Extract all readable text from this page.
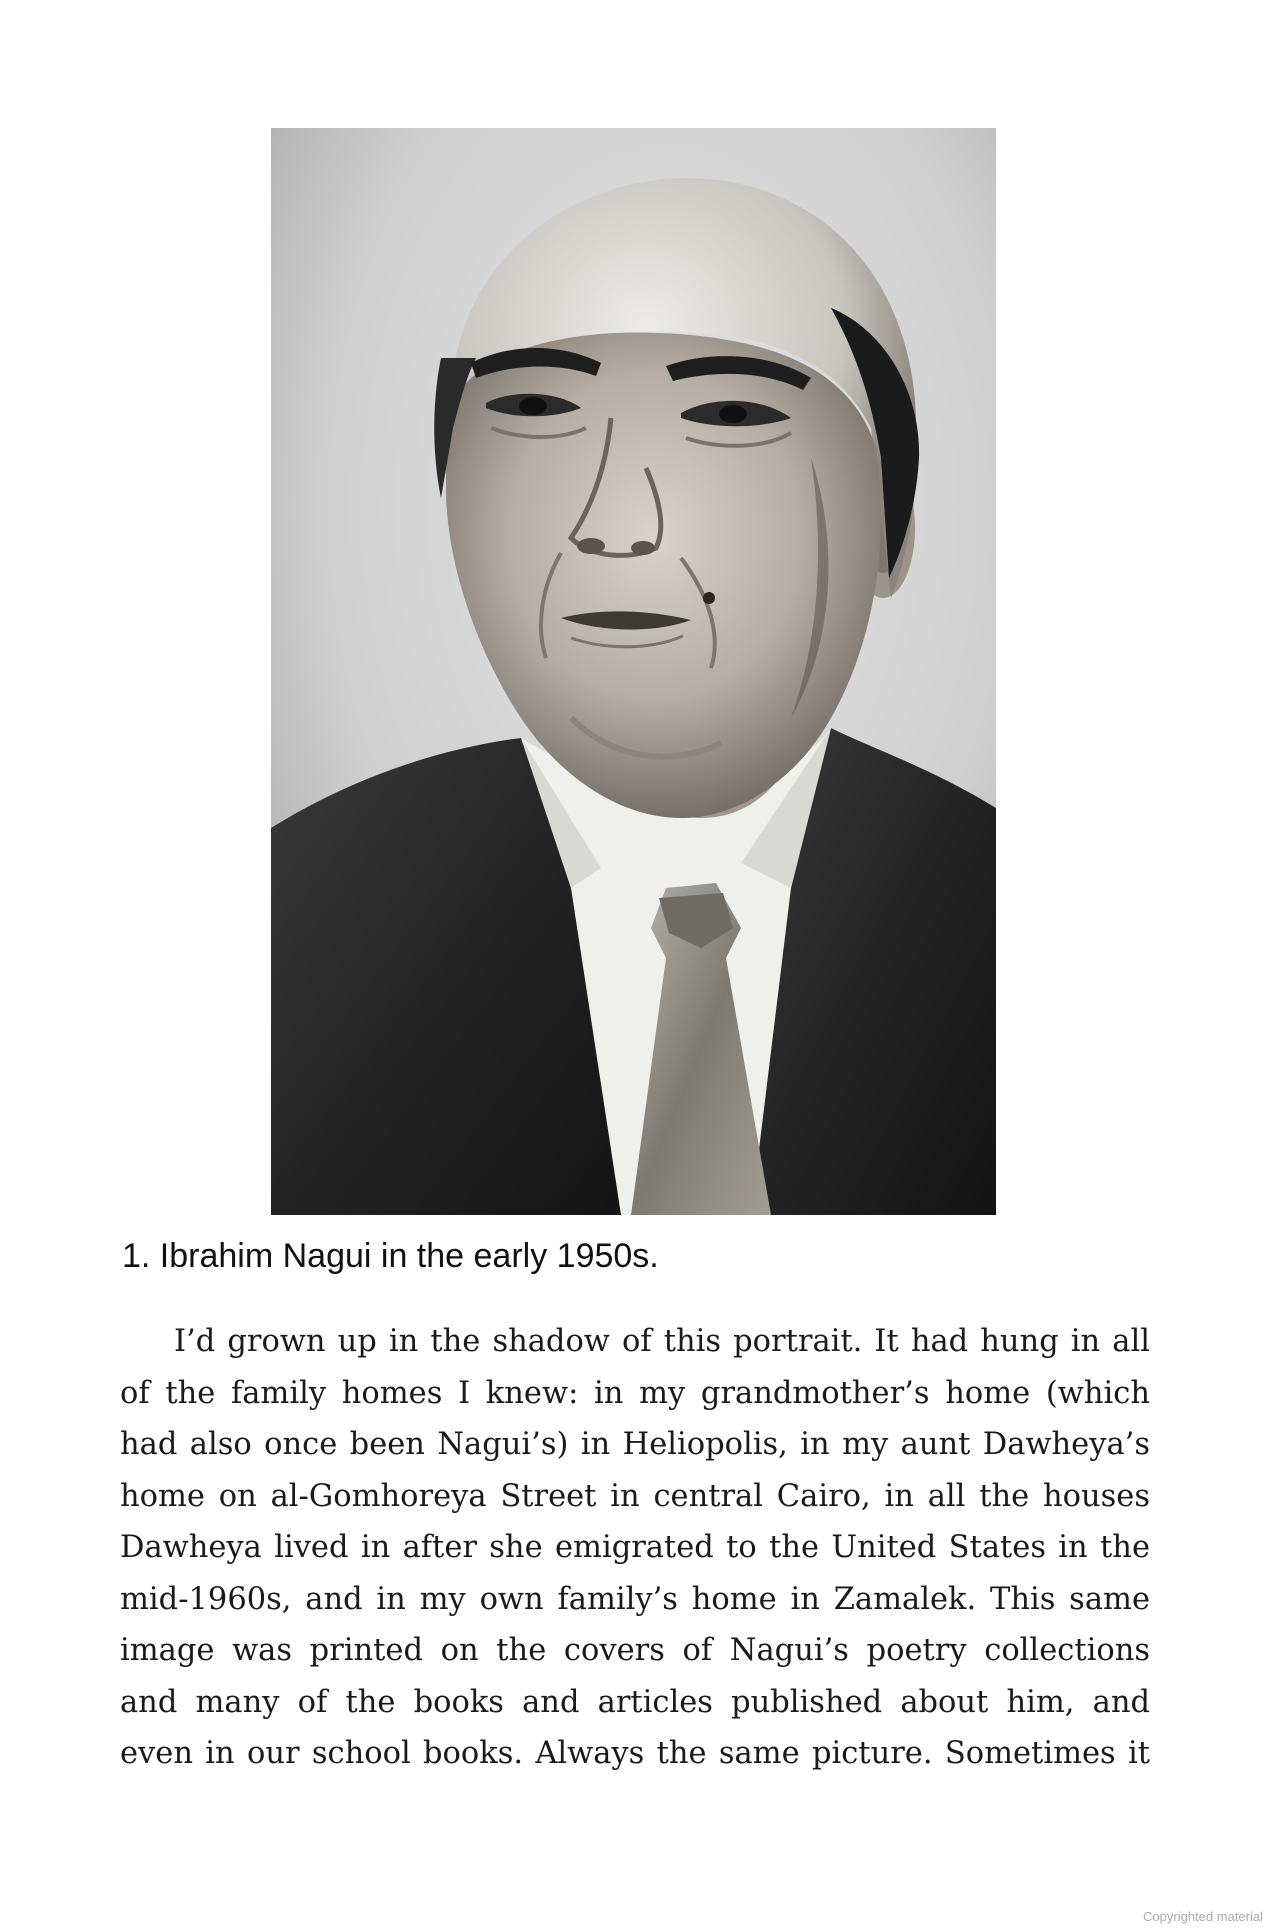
1. Ibrahim Nagui in the early 1950s.
I’d grown up in the shadow of this portrait. It had hung in all
of the family homes I knew: in my grandmother’s home (which
had also once been Nagui’s) in Heliopolis, in my aunt Dawheya’s
home on al-Gomhoreya Street in central Cairo, in all the houses
Dawheya lived in after she emigrated to the United States in the
mid-1960s, and in my own family’s home in Zamalek. This same
image was printed on the covers of Nagui’s poetry collections
and many of the books and articles published about him, and
even in our school books. Always the same picture. Sometimes it
Copyrighted material
